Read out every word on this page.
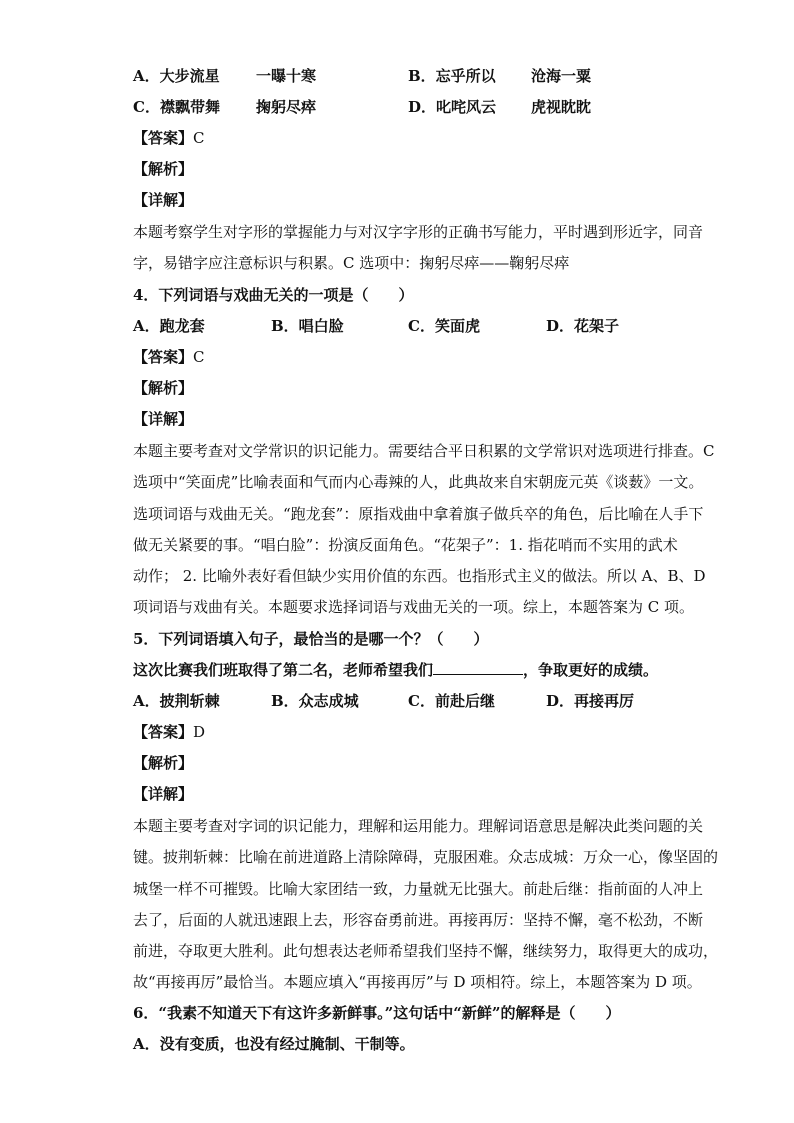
A．大步流星 一曝十寒	B．忘乎所以 沧海一粟
C．襟飘带舞 掬躬尽瘁	D．叱咤风云 虎视眈眈
【答案】C
【解析】
【详解】
本题考察学生对字形的掌握能力与对汉字字形的正确书写能力，平时遇到形近字，同音
字，易错字应注意标识与积累。C 选项中：掬躬尽瘁——鞠躬尽瘁
4．下列词语与戏曲无关的一项是（　　）
A．跑龙套	B．唱白脸	C．笑面虎	D．花架子
【答案】C
【解析】
【详解】
本题主要考查对文学常识的识记能力。需要结合平日积累的文学常识对选项进行排查。C
选项中“笑面虎”比喻表面和气而内心毒辣的人，此典故来自宋朝庞元英《谈薮》一文。
选项词语与戏曲无关。“跑龙套”：原指戏曲中拿着旗子做兵卒的角色，后比喻在人手下
做无关紧要的事。“唱白脸”：扮演反面角色。“花架子”：1. 指花哨而不实用的武术
动作； 2. 比喻外表好看但缺少实用价值的东西。也指形式主义的做法。所以 A、B、D
项词语与戏曲有关。本题要求选择词语与戏曲无关的一项。综上，本题答案为 C 项。
5．下列词语填入句子，最恰当的是哪一个？（　　）
这次比赛我们班取得了第二名，老师希望我们	，争取更好的成绩。
A．披荆斩棘	B．众志成城	C．前赴后继	D．再接再厉
【答案】D
【解析】
【详解】
本题主要考查对字词的识记能力，理解和运用能力。理解词语意思是解决此类问题的关
键。披荆斩棘：比喻在前进道路上清除障碍，克服困难。众志成城：万众一心，像坚固的
城堡一样不可摧毁。比喻大家团结一致，力量就无比强大。前赴后继：指前面的人冲上
去了，后面的人就迅速跟上去，形容奋勇前进。再接再厉：坚持不懈，毫不松劲，不断
前进，夺取更大胜利。此句想表达老师希望我们坚持不懈，继续努力，取得更大的成功，
故“再接再厉”最恰当。本题应填入“再接再厉”与 D 项相符。综上，本题答案为 D 项。
6．“我素不知道天下有这许多新鲜事。”这句话中“新鲜”的解释是（　　）
A．没有变质，也没有经过腌制、干制等。
